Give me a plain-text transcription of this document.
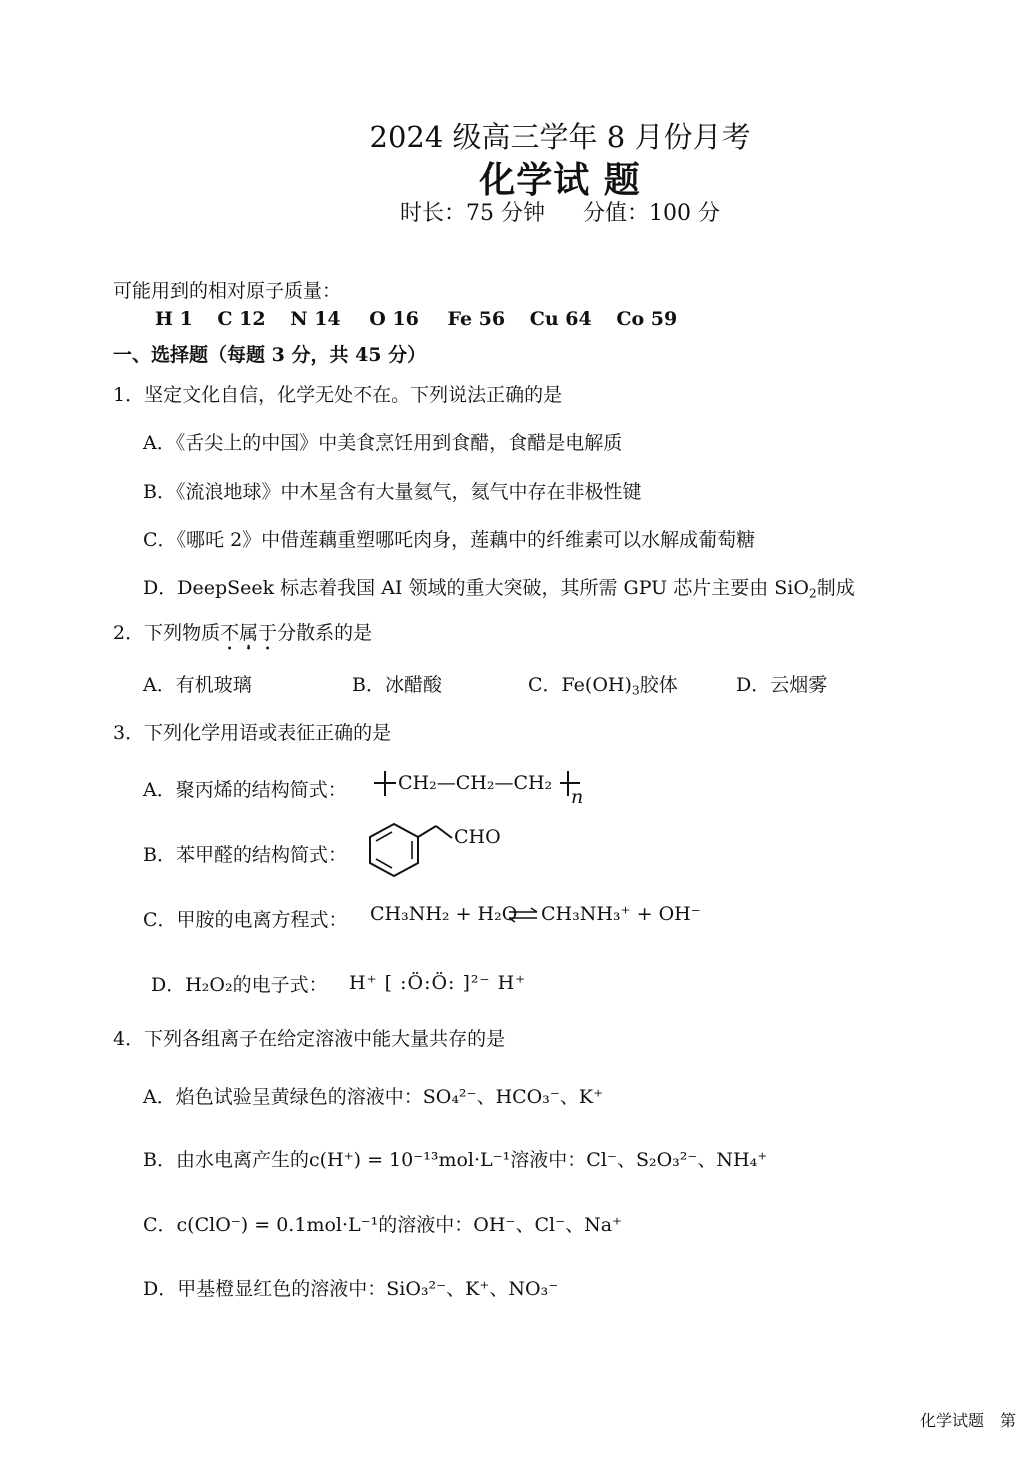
2024 级高三学年 8 月份月考
化学试 题
时长：75 分钟 分值：100 分
可能用到的相对原子质量：
H 1 C 12 N 14 O 16 Fe 56 Cu 64 Co 59
一、选择题（每题 3 分，共 45 分）
1．坚定文化自信，化学无处不在。下列说法正确的是
A．《舌尖上的中国》中美食烹饪用到食醋，食醋是电解质
B．《流浪地球》中木星含有大量氦气，氦气中存在非极性键
C．《哪吒 2》中借莲藕重塑哪吒肉身，莲藕中的纤维素可以水解成葡萄糖
D．DeepSeek 标志着我国 AI 领域的重大突破，其所需 GPU 芯片主要由 SiO$_2$制成
2．下列物质不属于分散系的是
A．有机玻璃	B．冰醋酸	C．$Fe(OH)_3$胶体	D．云烟雾
3．下列化学用语或表征正确的是
A．聚丙烯的结构简式：	CH₂—CH₂—CH₂
n
B．苯甲醛的结构简式：
CHO
C．甲胺的电离方程式： CH₃NH₂ + H₂O ⇌ CH₃NH₃⁺ + OH⁻
D．H₂O₂的电子式： H⁺ [ :Ö:Ö: ]²⁻ H⁺
4．下列各组离子在给定溶液中能大量共存的是
A．焰色试验呈黄绿色的溶液中：SO₄²⁻、HCO₃⁻、K⁺
B．由水电离产生的c(H⁺) = 10⁻¹³mol·L⁻¹溶液中：Cl⁻、S₂O₃²⁻、NH₄⁺
C．c(ClO⁻) = 0.1mol·L⁻¹的溶液中：OH⁻、Cl⁻、Na⁺
D．甲基橙显红色的溶液中：SiO₃²⁻、K⁺、NO₃⁻
化学试题　第
